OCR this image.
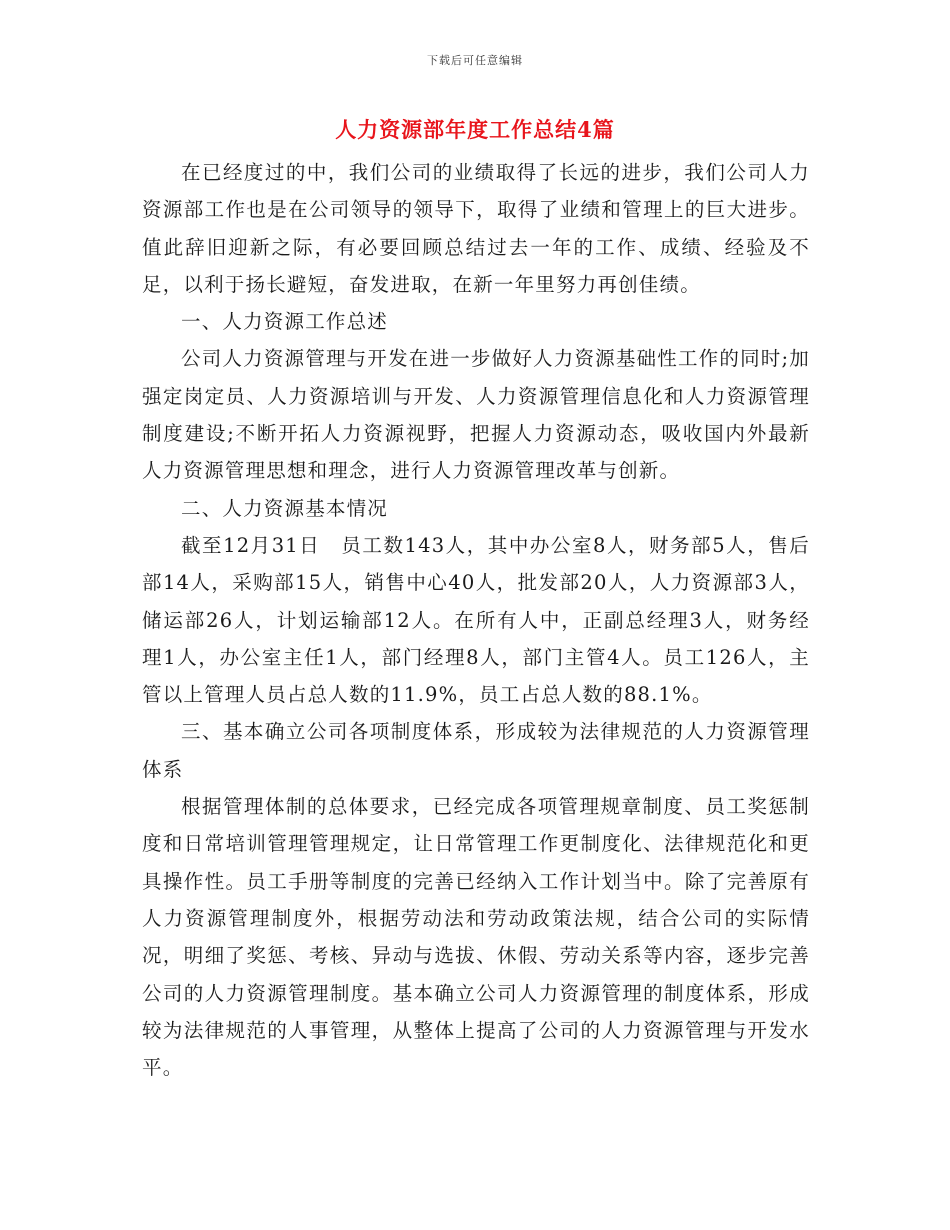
下载后可任意编辑
人力资源部年度工作总结4篇

在已经度过的中，我们公司的业绩取得了长远的进步，我们公司人力资源部工作也是在公司领导的领导下，取得了业绩和管理上的巨大进步。值此辞旧迎新之际，有必要回顾总结过去一年的工作、成绩、经验及不足，以利于扬长避短，奋发进取，在新一年里努力再创佳绩。

一、人力资源工作总述

公司人力资源管理与开发在进一步做好人力资源基础性工作的同时;加强定岗定员、人力资源培训与开发、人力资源管理信息化和人力资源管理制度建设;不断开拓人力资源视野，把握人力资源动态，吸收国内外最新人力资源管理思想和理念，进行人力资源管理改革与创新。

二、人力资源基本情况

截至12月31日　员工数143人，其中办公室8人，财务部5人，售后部14人，采购部15人，销售中心40人，批发部20人，人力资源部3人，储运部26人，计划运输部12人。在所有人中，正副总经理3人，财务经理1人，办公室主任1人，部门经理8人，部门主管4人。员工126人，主管以上管理人员占总人数的11.9%，员工占总人数的88.1%。

三、基本确立公司各项制度体系，形成较为法律规范的人力资源管理体系

根据管理体制的总体要求，已经完成各项管理规章制度、员工奖惩制度和日常培训管理管理规定，让日常管理工作更制度化、法律规范化和更具操作性。员工手册等制度的完善已经纳入工作计划当中。除了完善原有人力资源管理制度外，根据劳动法和劳动政策法规，结合公司的实际情况，明细了奖惩、考核、异动与选拔、休假、劳动关系等内容，逐步完善公司的人力资源管理制度。基本确立公司人力资源管理的制度体系，形成较为法律规范的人事管理，从整体上提高了公司的人力资源管理与开发水平。
